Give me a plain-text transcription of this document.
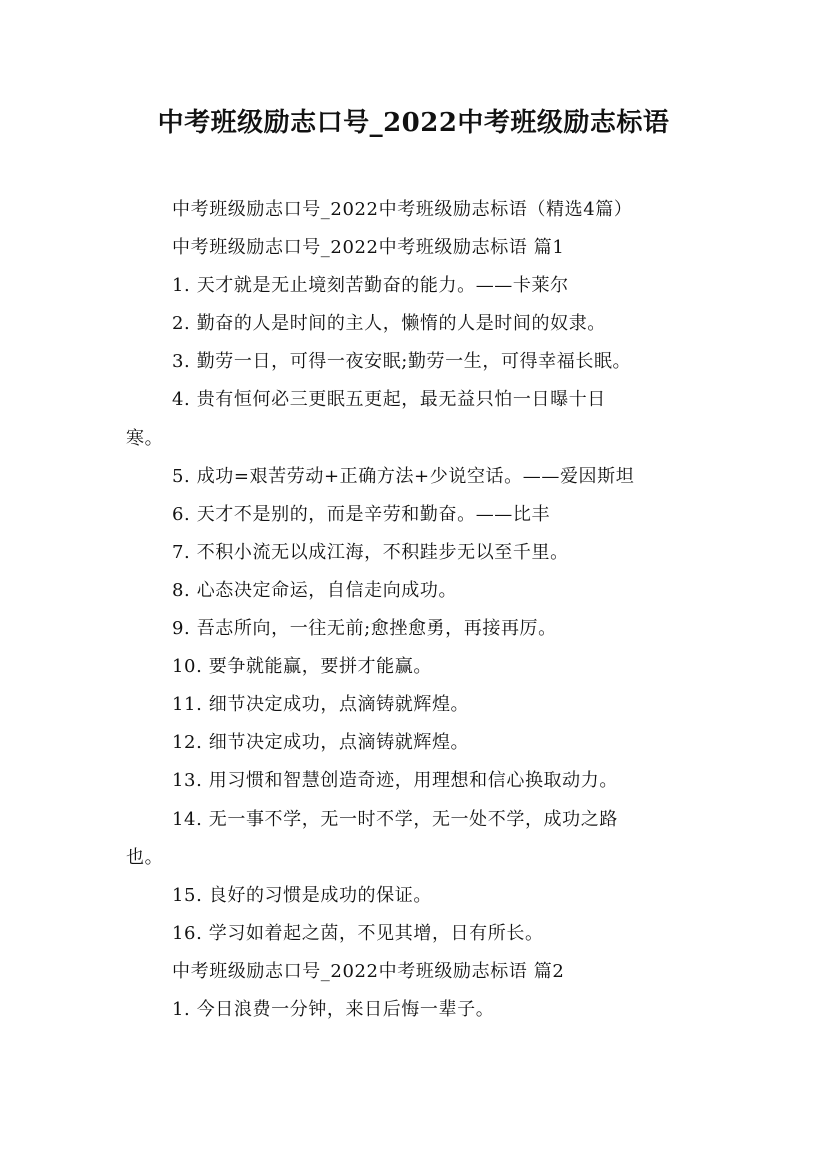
中考班级励志口号_2022中考班级励志标语
中考班级励志口号_2022中考班级励志标语（精选4篇）
中考班级励志口号_2022中考班级励志标语 篇1
1. 天才就是无止境刻苦勤奋的能力。——卡莱尔
2. 勤奋的人是时间的主人，懒惰的人是时间的奴隶。
3. 勤劳一日，可得一夜安眠;勤劳一生，可得幸福长眠。
4. 贵有恒何必三更眠五更起，最无益只怕一日曝十日
寒。
5. 成功=艰苦劳动+正确方法+少说空话。——爱因斯坦
6. 天才不是别的，而是辛劳和勤奋。——比丰
7. 不积小流无以成江海，不积跬步无以至千里。
8. 心态决定命运，自信走向成功。
9. 吾志所向，一往无前;愈挫愈勇，再接再厉。
10. 要争就能赢，要拼才能赢。
11. 细节决定成功，点滴铸就辉煌。
12. 细节决定成功，点滴铸就辉煌。
13. 用习惯和智慧创造奇迹，用理想和信心换取动力。
14. 无一事不学，无一时不学，无一处不学，成功之路
也。
15. 良好的习惯是成功的保证。
16. 学习如着起之茵，不见其增，日有所长。
中考班级励志口号_2022中考班级励志标语 篇2
1. 今日浪费一分钟，来日后悔一辈子。
